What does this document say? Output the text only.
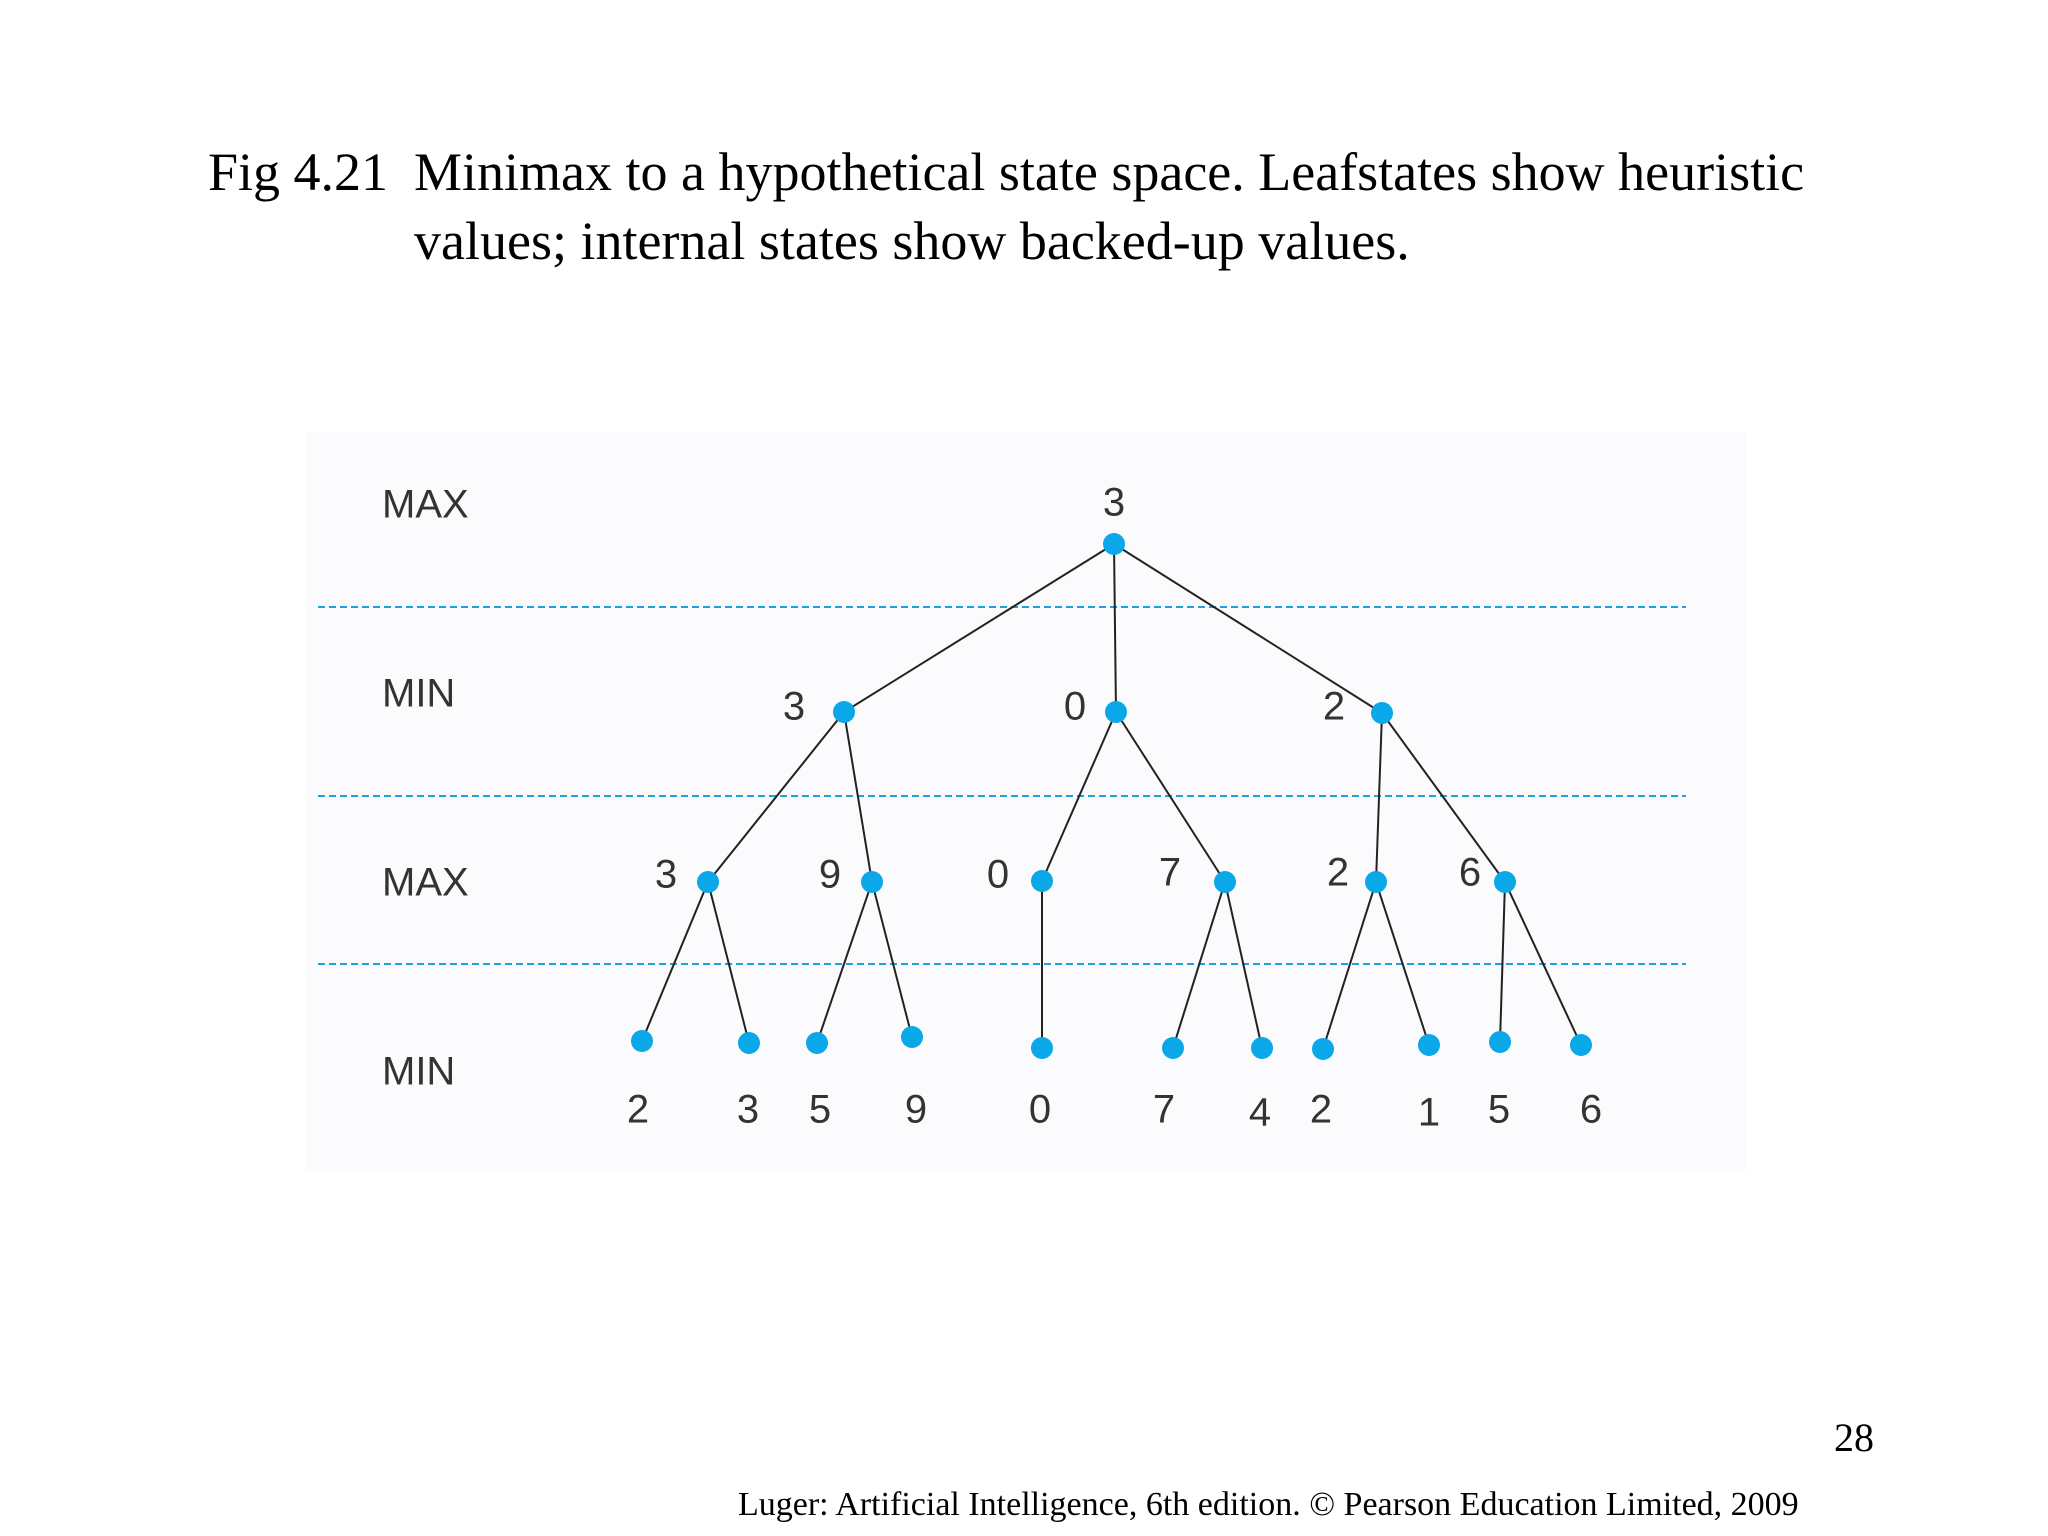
Fig 4.21 Minimax to a hypothetical state space. Leafstates show heuristic
values; internal states show backed-up values.
MAX
MIN
MAX
MIN
3
3	0	2
3	9	0	7	2	6
2 3 5 9	0	7 4 2 1 5 6
28
Luger: Artificial Intelligence, 6th edition. © Pearson Education Limited, 2009
